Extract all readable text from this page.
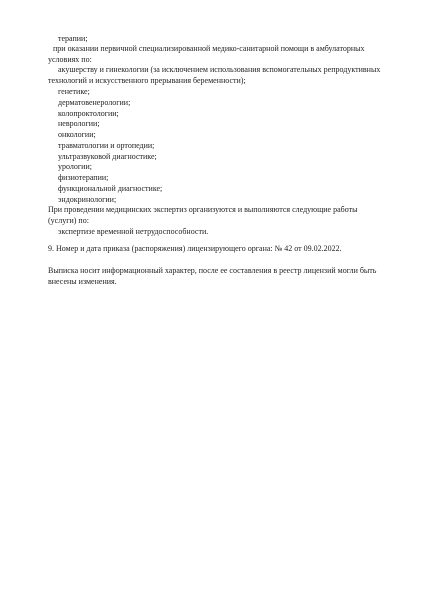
терапии;
при оказании первичной специализированной медико-санитарной помощи в амбулаторных
условиях по:
акушерству и гинекологии (за исключением использования вспомогательных репродуктивных
технологий и искусственного прерывания беременности);
генетике;
дерматовенерологии;
колопроктологии;
неврологии;
онкологии;
травматологии и ортопедии;
ультразвуковой диагностике;
урологии;
физиотерапии;
функциональной диагностике;
эндокринологии;
При проведении медицинских экспертиз организуются и выполняются следующие работы
(услуги) по:
экспертизе временной нетрудоспособности.
9. Номер и дата приказа (распоряжения) лицензирующего органа: № 42 от 09.02.2022.
Выписка носит информационный характер, после ее составления в реестр лицензий могли быть
внесены изменения.
